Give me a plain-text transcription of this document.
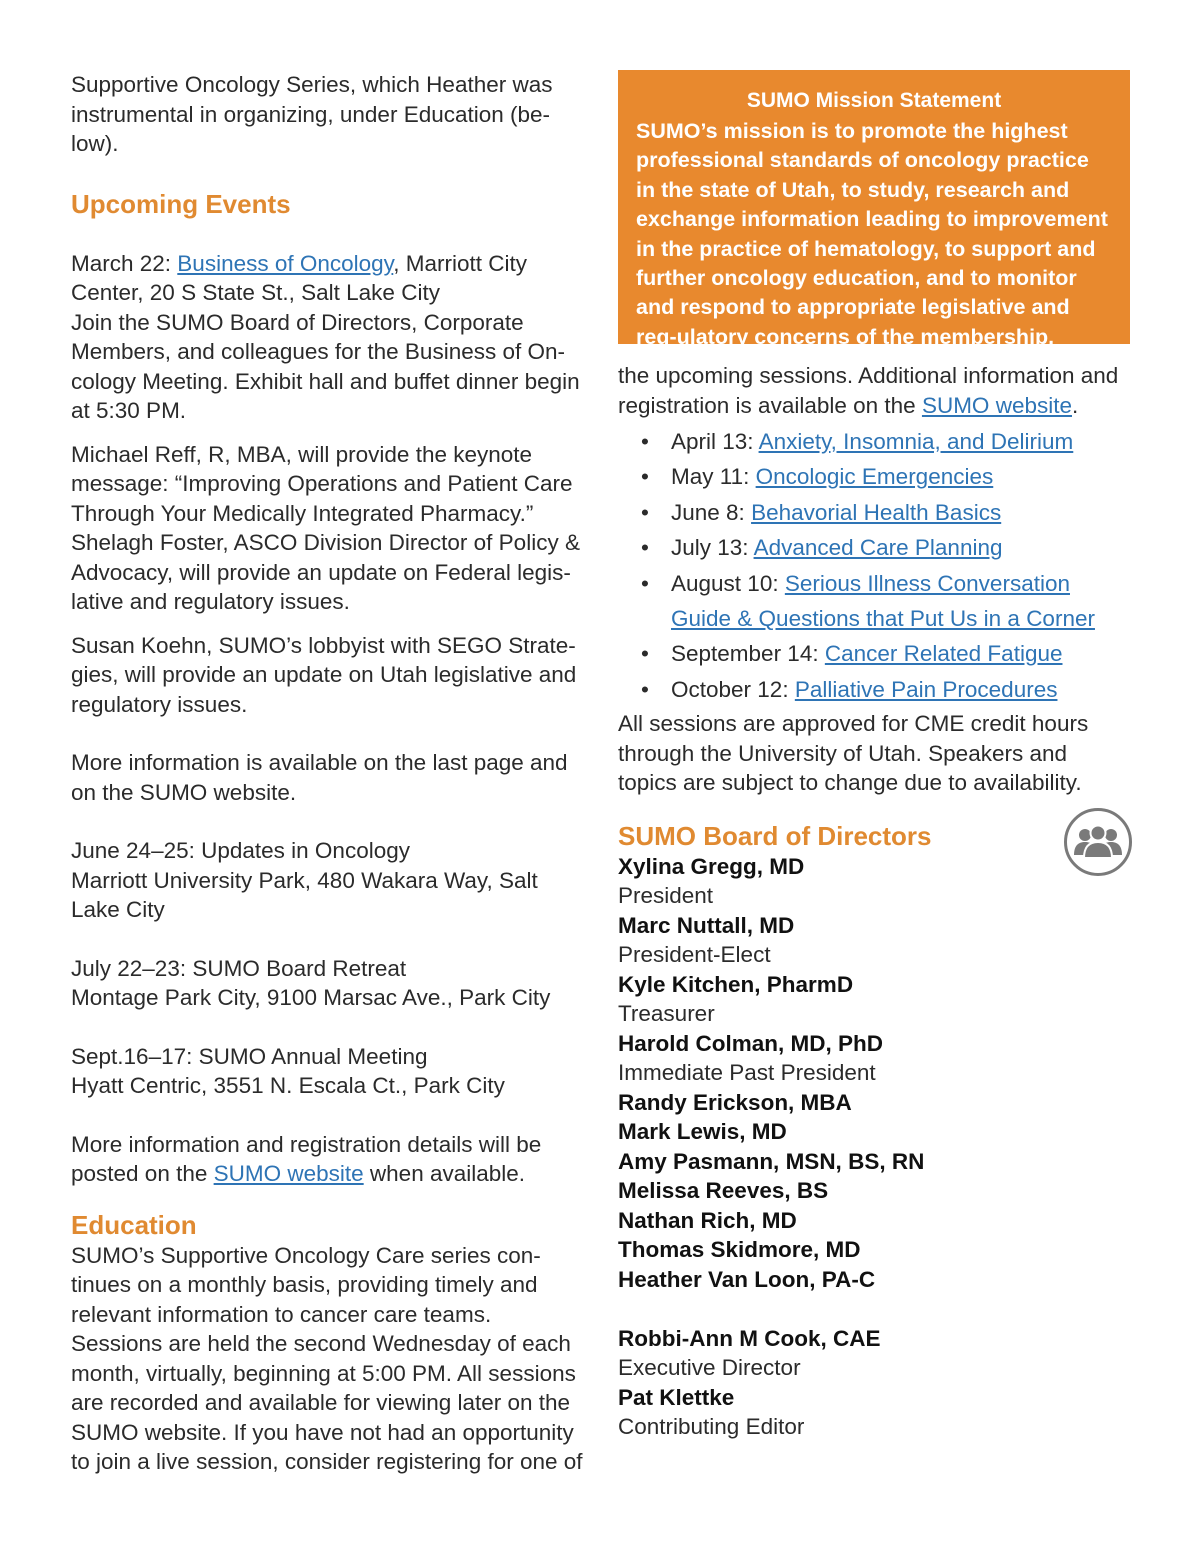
Supportive Oncology Series, which Heather was instrumental in organizing, under Education (be-low).

Upcoming Events

March 22: Business of Oncology, Marriott City Center, 20 S State St., Salt Lake City
Join the SUMO Board of Directors, Corporate Members, and colleagues for the Business of On-cology Meeting. Exhibit hall and buffet dinner begin at 5:30 PM.

Michael Reff, R, MBA, will provide the keynote message: “Improving Operations and Patient Care Through Your Medically Integrated Pharmacy.” Shelagh Foster, ASCO Division Director of Policy & Advocacy, will provide an update on Federal legis-lative and regulatory issues.

Susan Koehn, SUMO’s lobbyist with SEGO Strate-gies, will provide an update on Utah legislative and regulatory issues.

More information is available on the last page and on the SUMO website.

June 24–25: Updates in Oncology
Marriott University Park, 480 Wakara Way, Salt Lake City

July 22–23: SUMO Board Retreat
Montage Park City, 9100 Marsac Ave., Park City

Sept.16–17: SUMO Annual Meeting
Hyatt Centric, 3551 N. Escala Ct., Park City

More information and registration details will be posted on the SUMO website when available.

Education

SUMO’s Supportive Oncology Care series con-tinues on a monthly basis, providing timely and relevant information to cancer care teams. Sessions are held the second Wednesday of each month, virtually, beginning at 5:00 PM. All sessions are recorded and available for viewing later on the SUMO website. If you have not had an opportunity to join a live session, consider registering for one of

SUMO Mission Statement
SUMO’s mission is to promote the highest professional standards of oncology practice in the state of Utah, to study, research and exchange information leading to improvement in the practice of hematology, to support and further oncology education, and to monitor and respond to appropriate legislative and reg-ulatory concerns of the membership.

the upcoming sessions. Additional information and registration is available on the SUMO website.

• April 13: Anxiety, Insomnia, and Delirium
• May 11: Oncologic Emergencies
• June 8: Behavorial Health Basics
• July 13: Advanced Care Planning
• August 10: Serious Illness Conversation Guide & Questions that Put Us in a Corner
• September 14: Cancer Related Fatigue
• October 12: Palliative Pain Procedures

All sessions are approved for CME credit hours through the University of Utah. Speakers and topics are subject to change due to availability.

SUMO Board of Directors
Xylina Gregg, MD
President
Marc Nuttall, MD
President-Elect
Kyle Kitchen, PharmD
Treasurer
Harold Colman, MD, PhD
Immediate Past President
Randy Erickson, MBA
Mark Lewis, MD
Amy Pasmann, MSN, BS, RN
Melissa Reeves, BS
Nathan Rich, MD
Thomas Skidmore, MD
Heather Van Loon, PA-C
Robbi-Ann M Cook, CAE
Executive Director
Pat Klettke
Contributing Editor
